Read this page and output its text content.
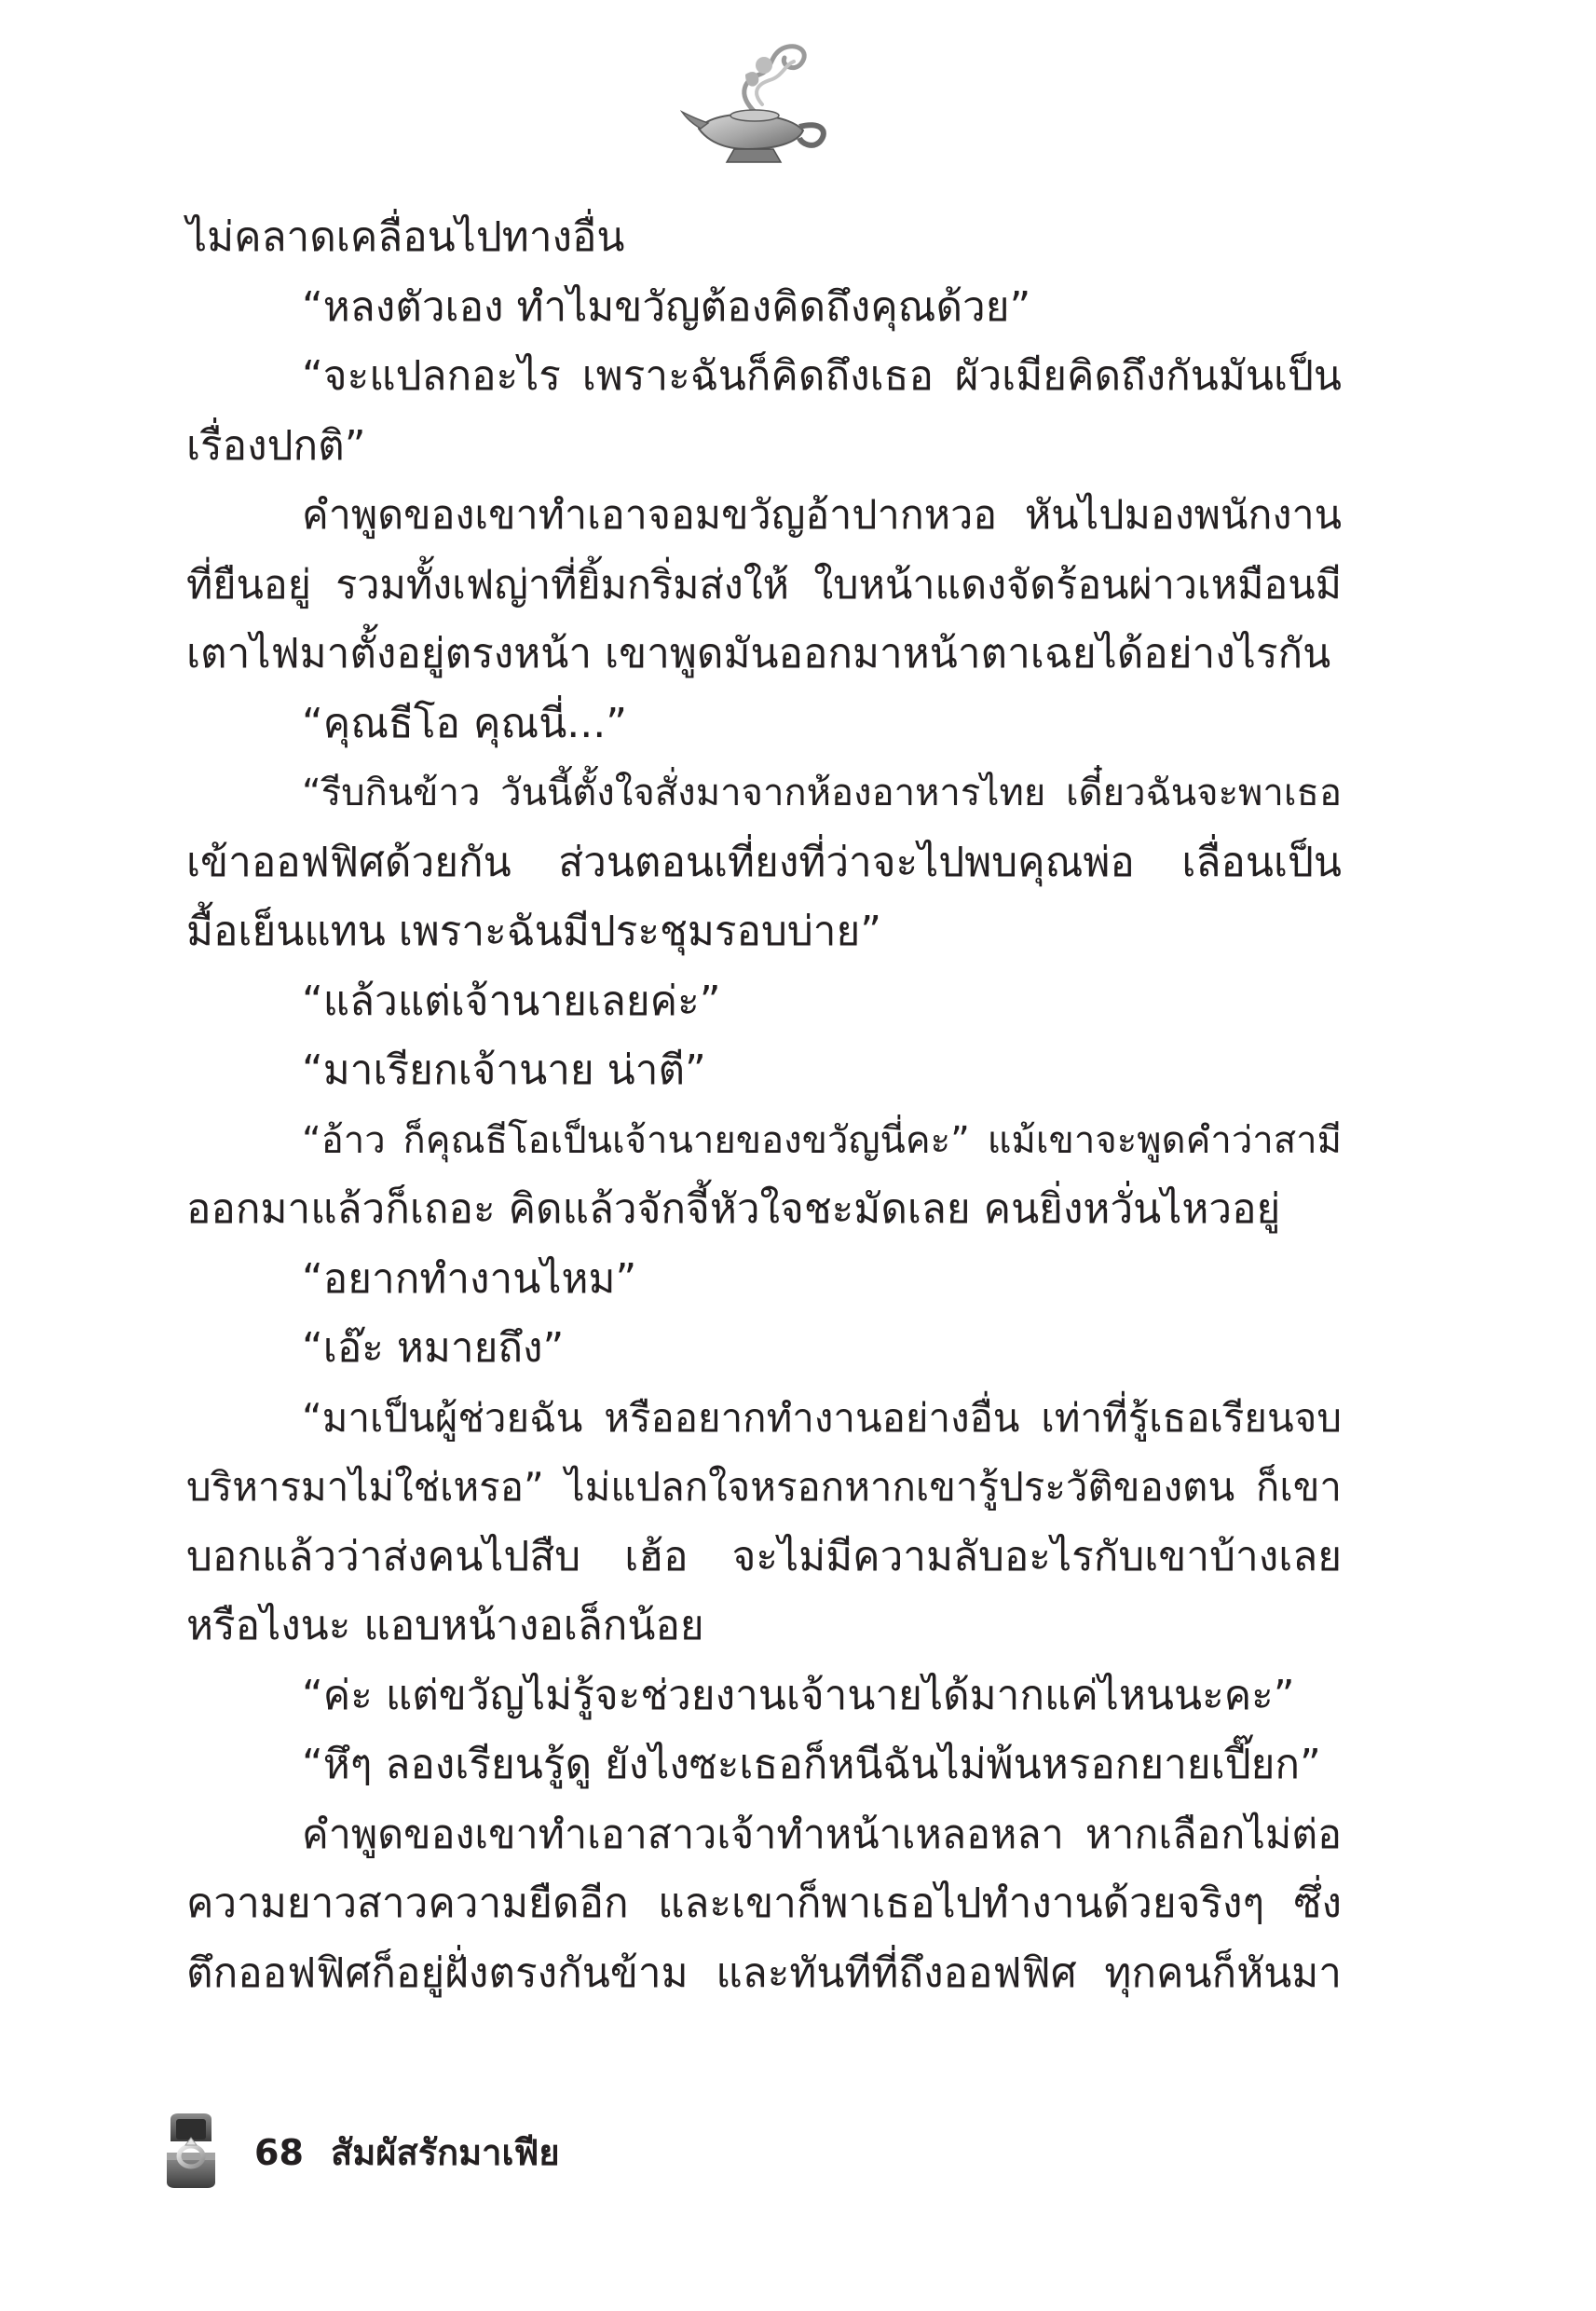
ไม่คลาดเคลื่อนไปทางอื่น
“หลงตัวเอง ทำไมขวัญต้องคิดถึงคุณด้วย”
“จะแปลกอะไร เพราะฉันก็คิดถึงเธอ ผัวเมียคิดถึงกันมันเป็น
เรื่องปกติ”
คำพูดของเขาทำเอาจอมขวัญอ้าปากหวอ หันไปมองพนักงาน
ที่ยืนอยู่ รวมทั้งเฟญ่าที่ยิ้มกริ่มส่งให้ ใบหน้าแดงจัดร้อนผ่าวเหมือนมี
เตาไฟมาตั้งอยู่ตรงหน้า เขาพูดมันออกมาหน้าตาเฉยได้อย่างไรกัน
“คุณธีโอ คุณนี่...”
“รีบกินข้าว วันนี้ตั้งใจสั่งมาจากห้องอาหารไทย เดี๋ยวฉันจะพาเธอ
เข้าออฟฟิศด้วยกัน ส่วนตอนเที่ยงที่ว่าจะไปพบคุณพ่อ เลื่อนเป็น
มื้อเย็นแทน เพราะฉันมีประชุมรอบบ่าย”
“แล้วแต่เจ้านายเลยค่ะ”
“มาเรียกเจ้านาย น่าตี”
“อ้าว ก็คุณธีโอเป็นเจ้านายของขวัญนี่คะ” แม้เขาจะพูดคำว่าสามี
ออกมาแล้วก็เถอะ คิดแล้วจักจี้หัวใจชะมัดเลย คนยิ่งหวั่นไหวอยู่
“อยากทำงานไหม”
“เอ๊ะ หมายถึง”
“มาเป็นผู้ช่วยฉัน หรืออยากทำงานอย่างอื่น เท่าที่รู้เธอเรียนจบ
บริหารมาไม่ใช่เหรอ” ไม่แปลกใจหรอกหากเขารู้ประวัติของตน ก็เขา
บอกแล้วว่าส่งคนไปสืบ เฮ้อ จะไม่มีความลับอะไรกับเขาบ้างเลย
หรือไงนะ แอบหน้างอเล็กน้อย
“ค่ะ แต่ขวัญไม่รู้จะช่วยงานเจ้านายได้มากแค่ไหนนะคะ”
“หึๆ ลองเรียนรู้ดู ยังไงซะเธอก็หนีฉันไม่พ้นหรอกยายเปี๊ยก”
คำพูดของเขาทำเอาสาวเจ้าทำหน้าเหลอหลา หากเลือกไม่ต่อ
ความยาวสาวความยืดอีก และเขาก็พาเธอไปทำงานด้วยจริงๆ ซึ่ง
ตึกออฟฟิศก็อยู่ฝั่งตรงกันข้าม และทันทีที่ถึงออฟฟิศ ทุกคนก็หันมา
68 สัมผัสรักมาเฟีย
